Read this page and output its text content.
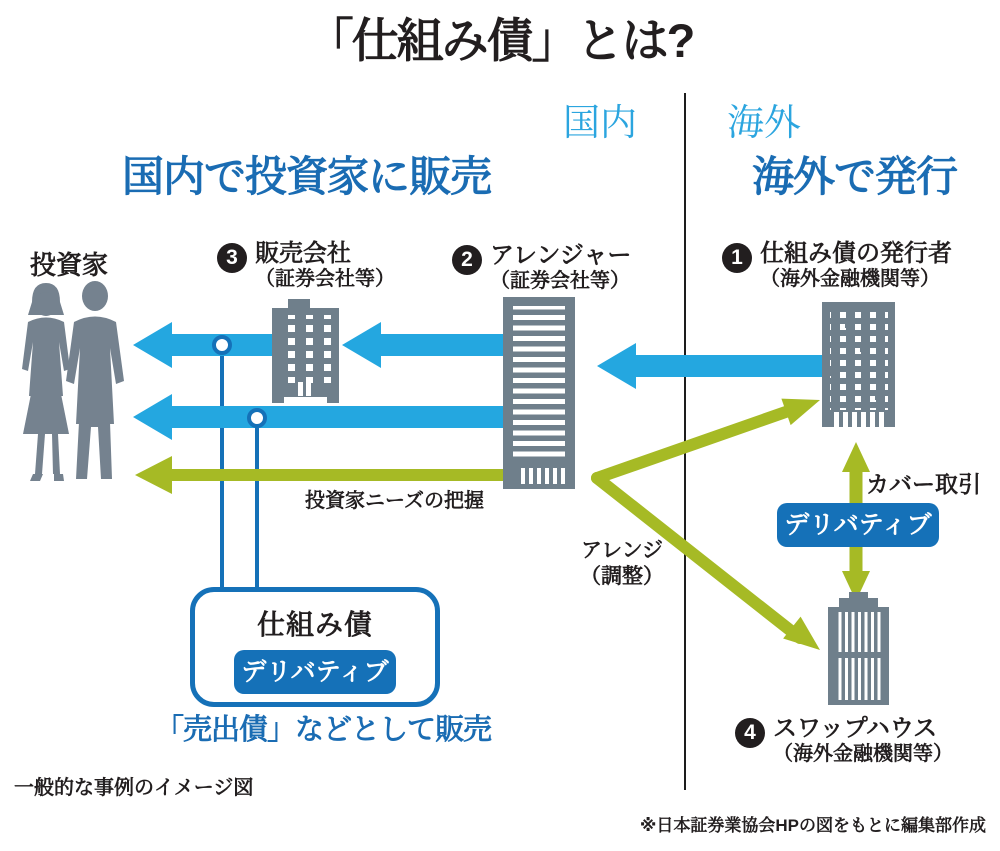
「仕組み債」とは?
国内 海外
国内で投資家に販売	海外で発行
投資家	3 販売会社
（証券会社等）
2 アレンジャー
（証券会社等）
1 仕組み債の発行者
（海外金融機関等）
4 スワップハウス
（海外金融機関等）
投資家ニーズの把握
アレンジ
（調整）
カバー取引
デリバティブ
仕組み債
デリバティブ
「売出債」などとして販売
一般的な事例のイメージ図
※日本証券業協会HPの図をもとに編集部作成
